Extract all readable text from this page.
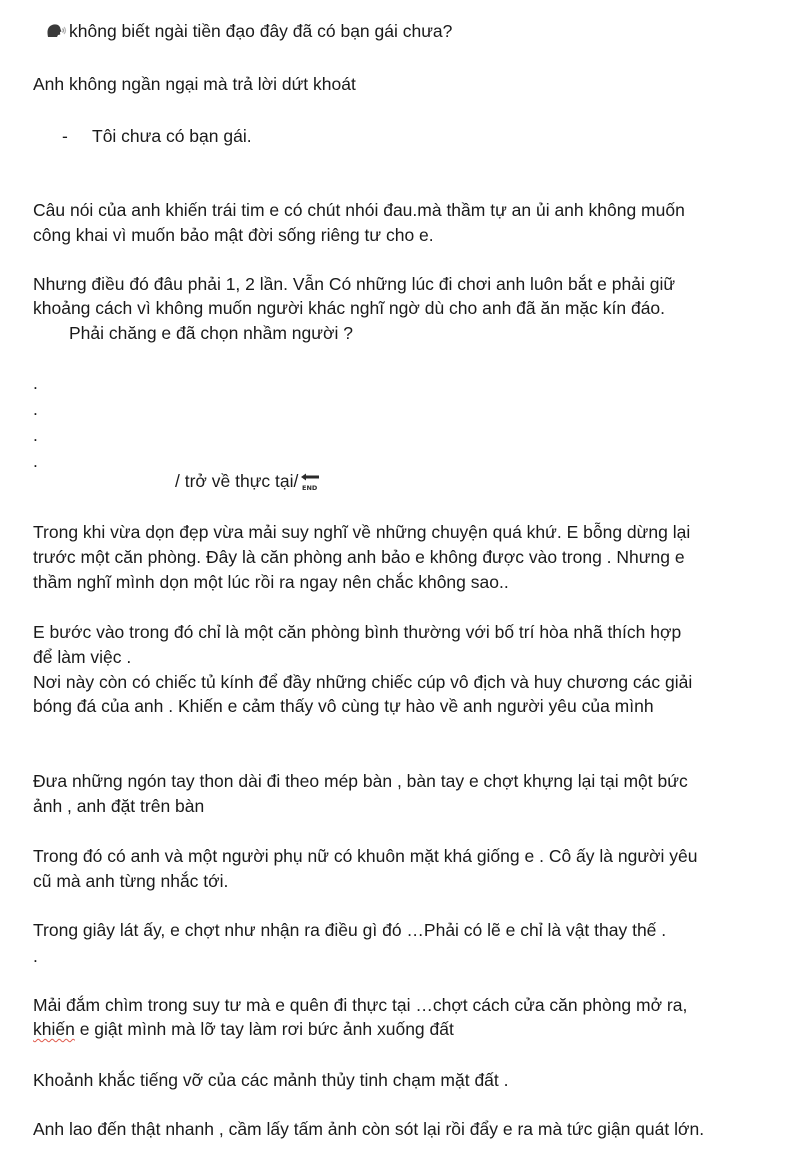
không biết ngài tiền đạo đây đã có bạn gái chưa?
Anh không ngần ngại mà trả lời dứt khoát
- Tôi chưa có bạn gái.
Câu nói của anh khiến trái tim e có chút nhói đau.mà thầm tự an ủi anh không muốn
công khai vì muốn bảo mật đời sống riêng tư cho e.
Nhưng điều đó đâu phải 1, 2 lần. Vẫn Có những lúc đi chơi anh luôn bắt e phải giữ
khoảng cách vì không muốn người khác nghĩ ngờ dù cho anh đã ăn mặc kín đáo.
Phải chăng e đã chọn nhầm người ?
.
.
.
.
/ trở về thực tại/ END
Trong khi vừa dọn đẹp vừa mải suy nghĩ về những chuyện quá khứ. E bỗng dừng lại
trước một căn phòng. Đây là căn phòng anh bảo e không được vào trong . Nhưng e
thầm nghĩ mình dọn một lúc rồi ra ngay nên chắc không sao..
E bước vào trong đó chỉ là một căn phòng bình thường với bố trí hòa nhã thích hợp
để làm việc .
Nơi này còn có chiếc tủ kính để đầy những chiếc cúp vô địch và huy chương các giải
bóng đá của anh . Khiến e cảm thấy vô cùng tự hào về anh người yêu của mình
Đưa những ngón tay thon dài đi theo mép bàn , bàn tay e chợt khựng lại tại một bức
ảnh , anh đặt trên bàn
Trong đó có anh và một người phụ nữ có khuôn mặt khá giống e . Cô ấy là người yêu
cũ mà anh từng nhắc tới.
Trong giây lát ấy, e chợt như nhận ra điều gì đó …Phải có lẽ e chỉ là vật thay thế .
.
Mải đắm chìm trong suy tư mà e quên đi thực tại …chợt cách cửa căn phòng mở ra,
khiến e giật mình mà lỡ tay làm rơi bức ảnh xuống đất
Khoảnh khắc tiếng vỡ của các mảnh thủy tinh chạm mặt đất .
Anh lao đến thật nhanh , cầm lấy tấm ảnh còn sót lại rồi đẩy e ra mà tức giận quát lớn.
